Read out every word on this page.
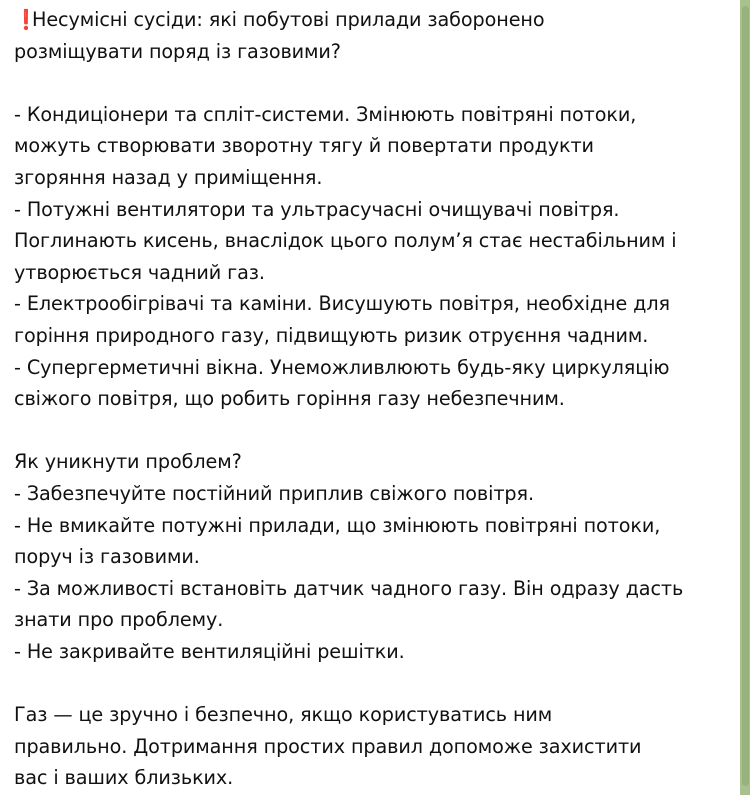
❗Несумісні сусіди: які побутові прилади заборонено
розміщувати поряд із газовими?
- Кондиціонери та спліт-системи. Змінюють повітряні потоки,
можуть створювати зворотну тягу й повертати продукти
згоряння назад у приміщення.
- Потужні вентилятори та ультрасучасні очищувачі повітря.
Поглинають кисень, внаслідок цього полум’я стає нестабільним і
утворюється чадний газ.
- Електрообігрівачі та каміни. Висушують повітря, необхідне для
горіння природного газу, підвищують ризик отруєння чадним.
- Супергерметичні вікна. Унеможливлюють будь-яку циркуляцію
свіжого повітря, що робить горіння газу небезпечним.
Як уникнути проблем?
- Забезпечуйте постійний приплив свіжого повітря.
- Не вмикайте потужні прилади, що змінюють повітряні потоки,
поруч із газовими.
- За можливості встановіть датчик чадного газу. Він одразу дасть
знати про проблему.
- Не закривайте вентиляційні решітки.
Газ — це зручно і безпечно, якщо користуватись ним
правильно. Дотримання простих правил допоможе захистити
вас і ваших близьких.
